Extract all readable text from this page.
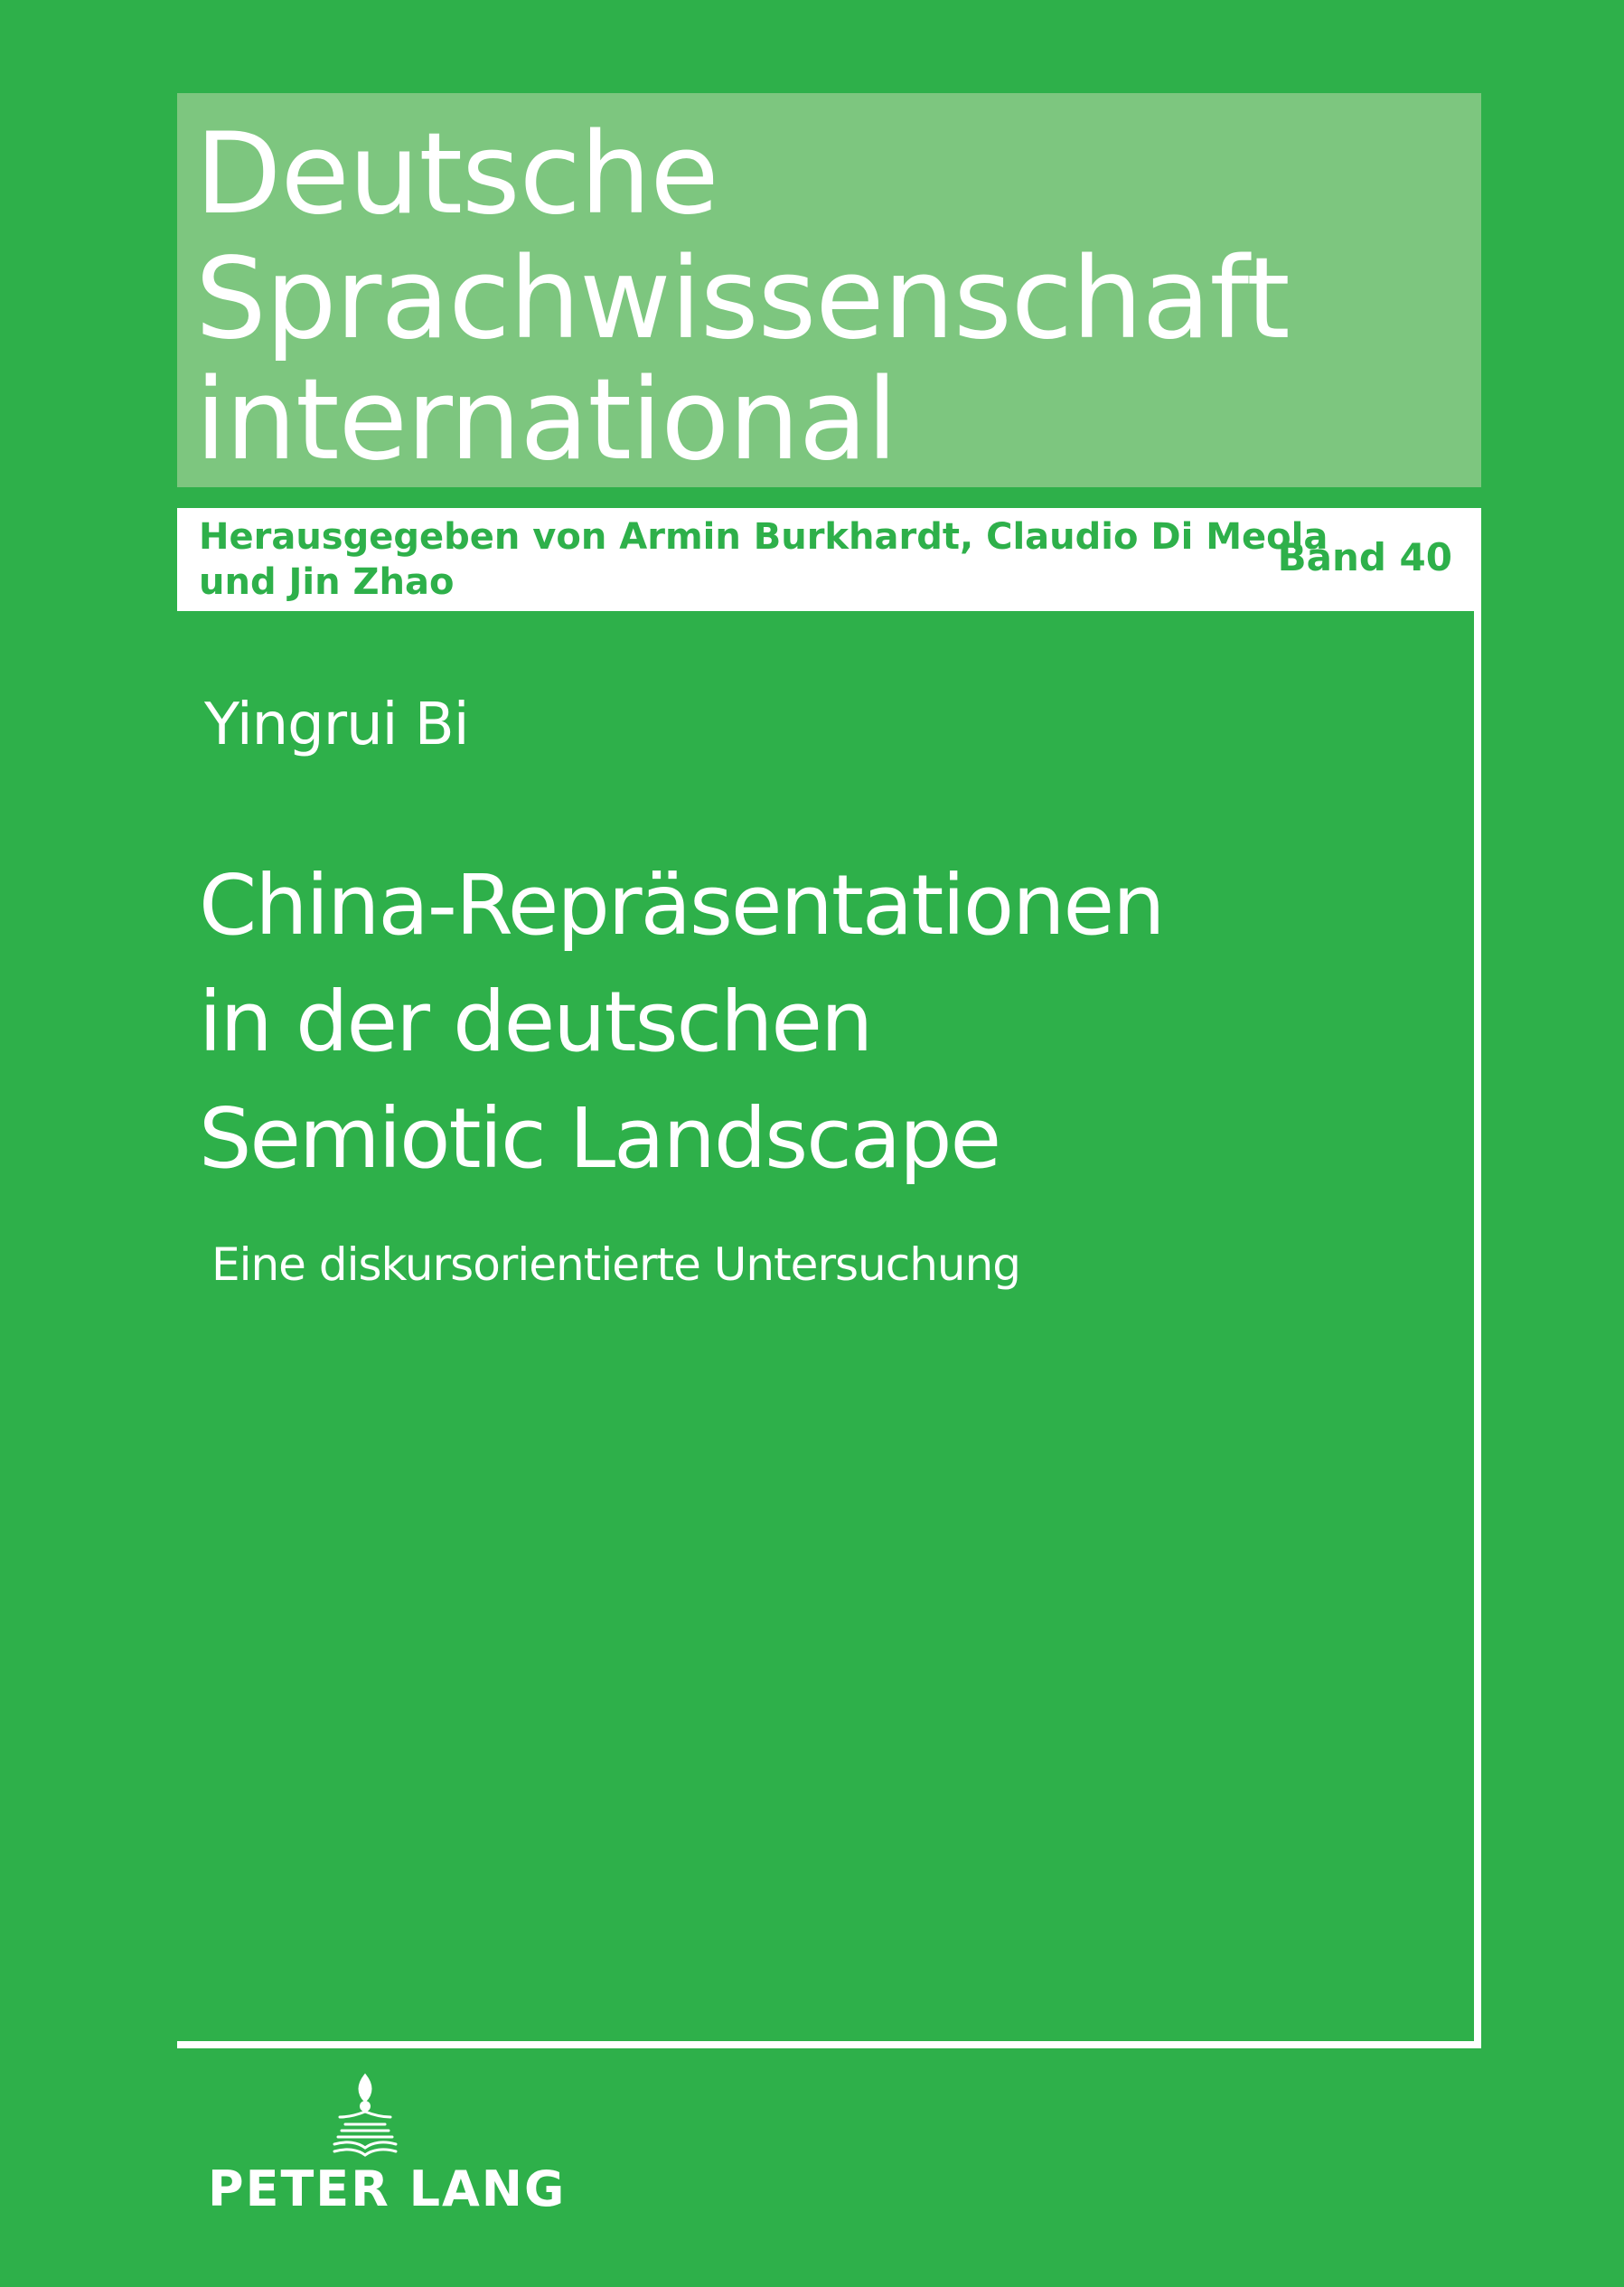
Deutsche
Sprachwissenschaft
international
Herausgegeben von Armin Burkhardt, Claudio Di Meola
und Jin Zhao
Band 40
Yingrui Bi
China-Repräsentationen
in der deutschen
Semiotic Landscape
Eine diskursorientierte Untersuchung
PETER LANG
